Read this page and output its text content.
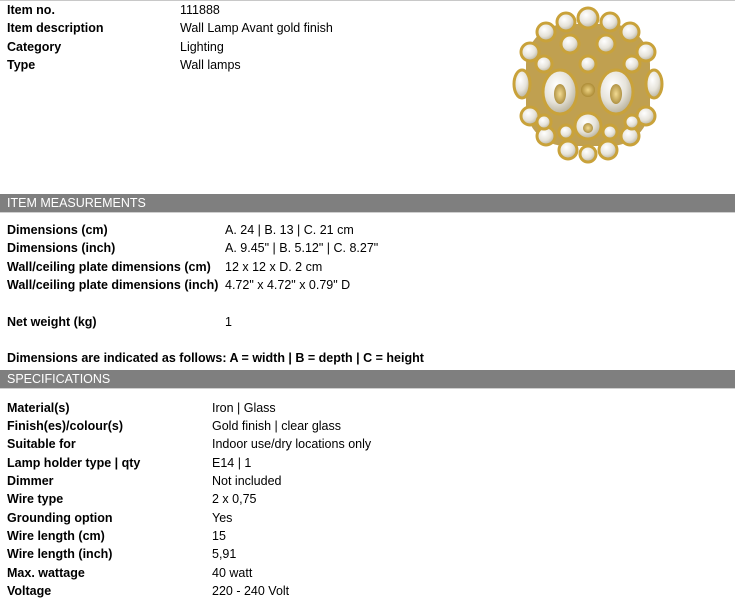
Item no.	111888
Item description	Wall Lamp Avant gold finish
Category	Lighting
Type	Wall lamps
ITEM MEASUREMENTS
Dimensions (cm)	A. 24 | B. 13 | C. 21 cm
Dimensions (inch)	A. 9.45" | B. 5.12" | C. 8.27"
Wall/ceiling plate dimensions (cm) 12 x 12 x D. 2 cm
Wall/ceiling plate dimensions (inch) 4.72" x 4.72" x 0.79" D
Net weight (kg)	1
Dimensions are indicated as follows: A = width | B = depth | C = height
SPECIFICATIONS
Material(s)	Iron | Glass
Finish(es)/colour(s)	Gold finish | clear glass
Suitable for	Indoor use/dry locations only
Lamp holder type | qty	E14 | 1
Dimmer	Not included
Wire type	2 x 0,75
Grounding option	Yes
Wire length (cm)	15
Wire length (inch)	5,91
Max. wattage	40 watt
Voltage	220 - 240 Volt
